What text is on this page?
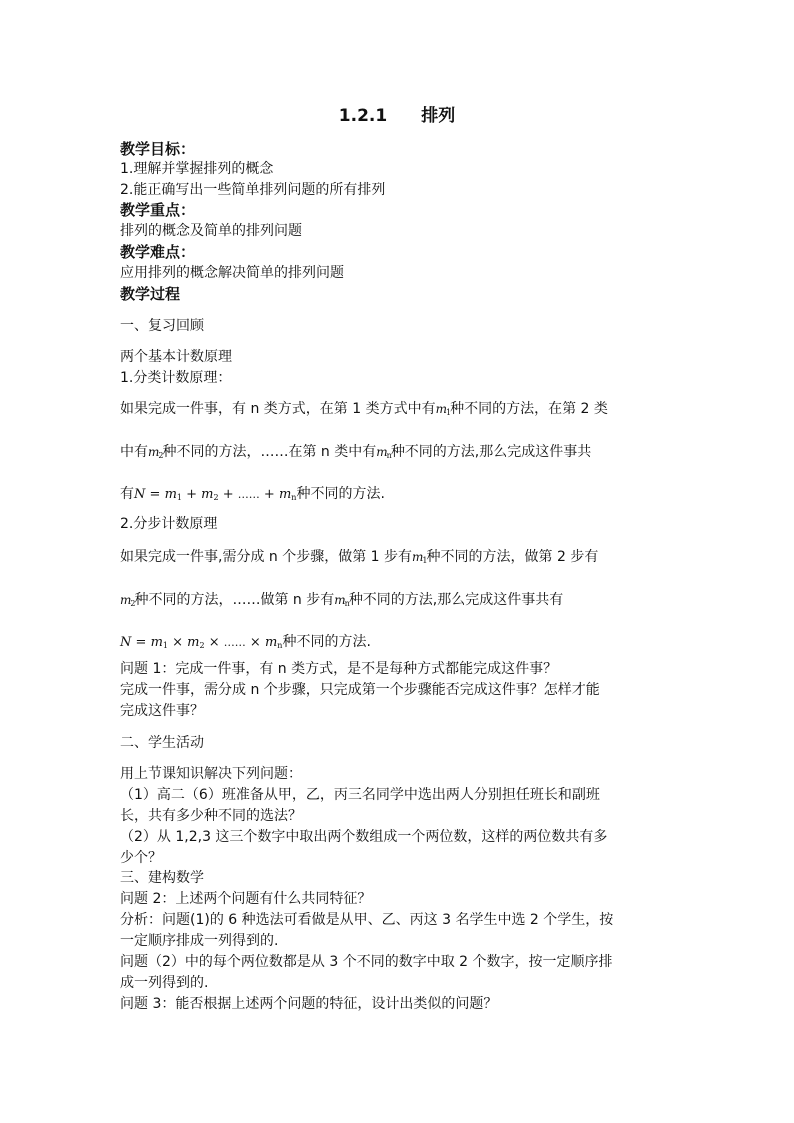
1.2.1 排列
教学目标：
1.理解并掌握排列的概念
2.能正确写出一些简单排列问题的所有排列
教学重点：
排列的概念及简单的排列问题
教学难点：
应用排列的概念解决简单的排列问题
教学过程
一、复习回顾
两个基本计数原理
1.分类计数原理：
如果完成一件事，有 n 类方式，在第 1 类方式中有$m_1$种不同的方法，在第 2 类
中有$m_2$种不同的方法，……在第 n 类中有$m_n$种不同的方法,那么完成这件事共
有$N = m_1 + m_2$ + …… + $m_n$种不同的方法.
2.分步计数原理
如果完成一件事,需分成 n 个步骤，做第 1 步有$m_1$种不同的方法，做第 2 步有
$m_2$种不同的方法，……做第 n 步有$m_n$种不同的方法,那么完成这件事共有
$N = m_1 \times m_2$ × …… × $m_n$种不同的方法.
问题 1：完成一件事，有 n 类方式，是不是每种方式都能完成这件事？
完成一件事，需分成 n 个步骤，只完成第一个步骤能否完成这件事？怎样才能
完成这件事？
二、学生活动
用上节课知识解决下列问题：
（1）高二（6）班准备从甲，乙，丙三名同学中选出两人分别担任班长和副班
长，共有多少种不同的选法？
（2）从 1,2,3 这三个数字中取出两个数组成一个两位数，这样的两位数共有多
少个？
三、建构数学
问题 2：上述两个问题有什么共同特征？
分析：问题(1)的 6 种选法可看做是从甲、乙、丙这 3 名学生中选 2 个学生，按
一定顺序排成一列得到的.
问题（2）中的每个两位数都是从 3 个不同的数字中取 2 个数字，按一定顺序排
成一列得到的.
问题 3：能否根据上述两个问题的特征，设计出类似的问题？
